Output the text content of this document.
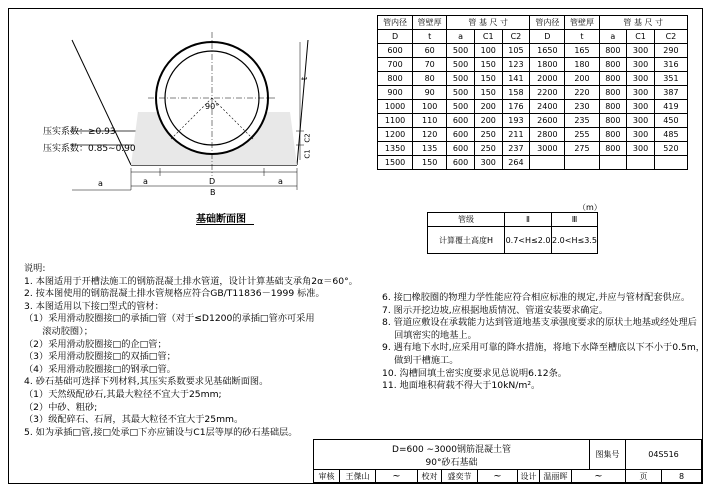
90°
a	D	a
t
C2
C1
B
a
压实系数：≥0.93
压实系数：0.85∼0.90
基础断面图
管内径	管壁厚	管 基 尺 寸			管内径	管壁厚	管 基 尺 寸		
D	t	a	C1	C2	D	t	a	C1	C2
600	60	500	100	105	1650	165	800	300	290
700	70	500	150	123	1800	180	800	300	316
800	80	500	150	141	2000	200	800	300	351
900	90	500	150	158	2200	220	800	300	387
1000	100	500	200	176	2400	230	800	300	419
1100	110	600	200	193	2600	235	800	300	450
1200	120	600	250	211	2800	255	800	300	485
1350	135	600	250	237	3000	275	800	300	520
1500	150	600	300	264					
（m）
管级	Ⅱ	Ⅲ
计算覆土高度H	0.7<H≤2.0	2.0<H≤3.5
说明:
1. 本图适用于开槽法施工的钢筋混凝土排水管道，设计计算基础支承角2α＝60°。
2. 按本图使用的钢筋混凝土排水管规格应符合GB/T11836－1999 标准。
3. 本图适用以下接□型式的管材：
（1）采用滑动胶圈接□的承插□管（对于≤D1200的承插□管亦可采用
　　滚动胶圈）；
（2）采用滑动胶圈接□的企□管；
（3）采用滑动胶圈接□的双插□管；
（4）采用滑动胶圈接□的钢承□管。
4. 砂石基础可选择下列材料,其压实系数要求见基础断面图。
（1）天然级配砂石,其最大粒径不宜大于25mm;
（2）中砂、粗砂;
（3）级配碎石、石屑，其最大粒径不宜大于25mm。
5. 如为承插□管,接□处承□下亦应铺设与C1层等厚的砂石基础层。
6. 接□橡胶圈的物理力学性能应符合相应标准的规定,并应与管材配套供应。
7. 图示开挖边坡,应根据地质情况、管道安装要求确定。
8. 管道应敷设在承载能力达到管道地基支承强度要求的原状土地基或经处理后
　 回填密实的地基上。
9. 遇有地下水时,应采用可靠的降水措施，将地下水降至槽底以下不小于0.5m，
　 做到干槽施工。
10. 沟槽回填土密实度要求见总说明6.12条。
11. 地面堆积荷载不得大于10kN/m²。
D=600 ∼3000钢筋混凝土管
90°砂石基础
图集号	04S516
审核	王傑山	~	校对	盛奕节	~	设计 温丽晖	~	页	8
